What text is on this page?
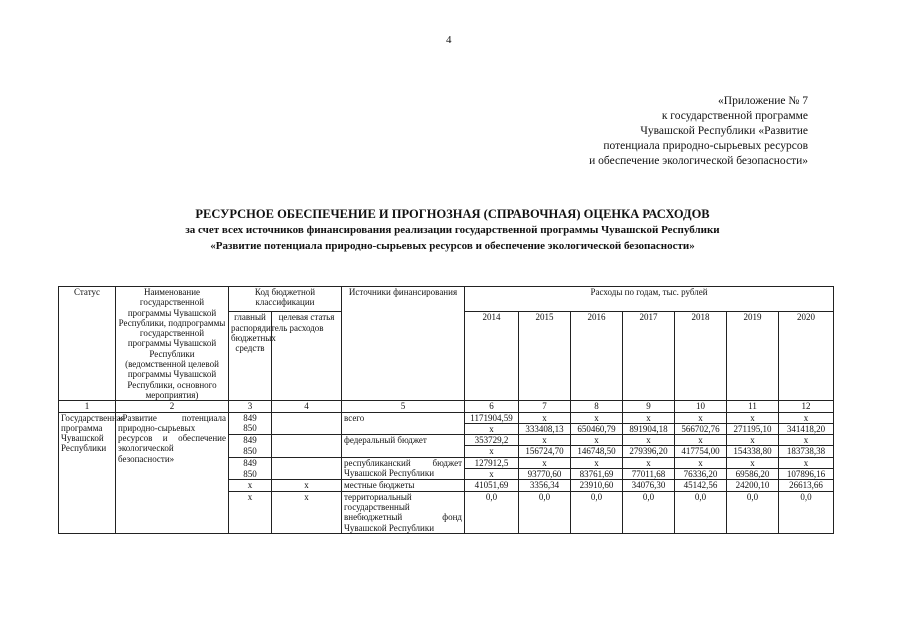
4
«Приложение № 7
к государственной программе
Чувашской Республики «Развитие
потенциала природно-сырьевых ресурсов
и обеспечение экологической безопасности»
РЕСУРСНОЕ ОБЕСПЕЧЕНИЕ И ПРОГНОЗНАЯ (СПРАВОЧНАЯ) ОЦЕНКА РАСХОДОВ
за счет всех источников финансирования реализации государственной программы Чувашской Республики
«Развитие потенциала природно-сырьевых ресурсов и обеспечение экологической безопасности»
Статус	Наименование государственной программы Чувашской Республики, подпрограммы государственной программы Чувашской Республики (ведомственной целевой программы Чувашской Республики, основного мероприятия)	Код бюджетной классификации		Источники финансирования	Расходы по годам, тыс. рублей						
		главный распорядитель бюджетных средств	целевая статья расходов		2014	2015	2016	2017	2018	2019	2020
1	2	3	4	5	6	7	8	9	10	11	12
Государственная программа Чувашской Республики	«Развитие потенциала природно-сырьевых ресурсов и обеспечение экологической безопасности»	849		всего	1171904,59	x	x	x	x	x	x
		850			x	333408,13	650460,79	891904,18	566702,76	271195,10	341418,20
		849		федеральный бюджет	353729,2	x	x	x	x	x	x
		850			x	156724,70	146748,50	279396,20	417754,00	154338,80	183738,38
		849		республиканский бюджет Чувашской Республики	127912,5	x	x	x	x	x	x
		850			x	93770,60	83761,69	77011,68	76336,20	69586,20	107896,16
		x	x	местные бюджеты	41051,69	3356,34	23910,60	34076,30	45142,56	24200,10	26613,66
		x	x	территориальный государственный внебюджетный фонд Чувашской Республики	0,0	0,0	0,0	0,0	0,0	0,0	0,0
